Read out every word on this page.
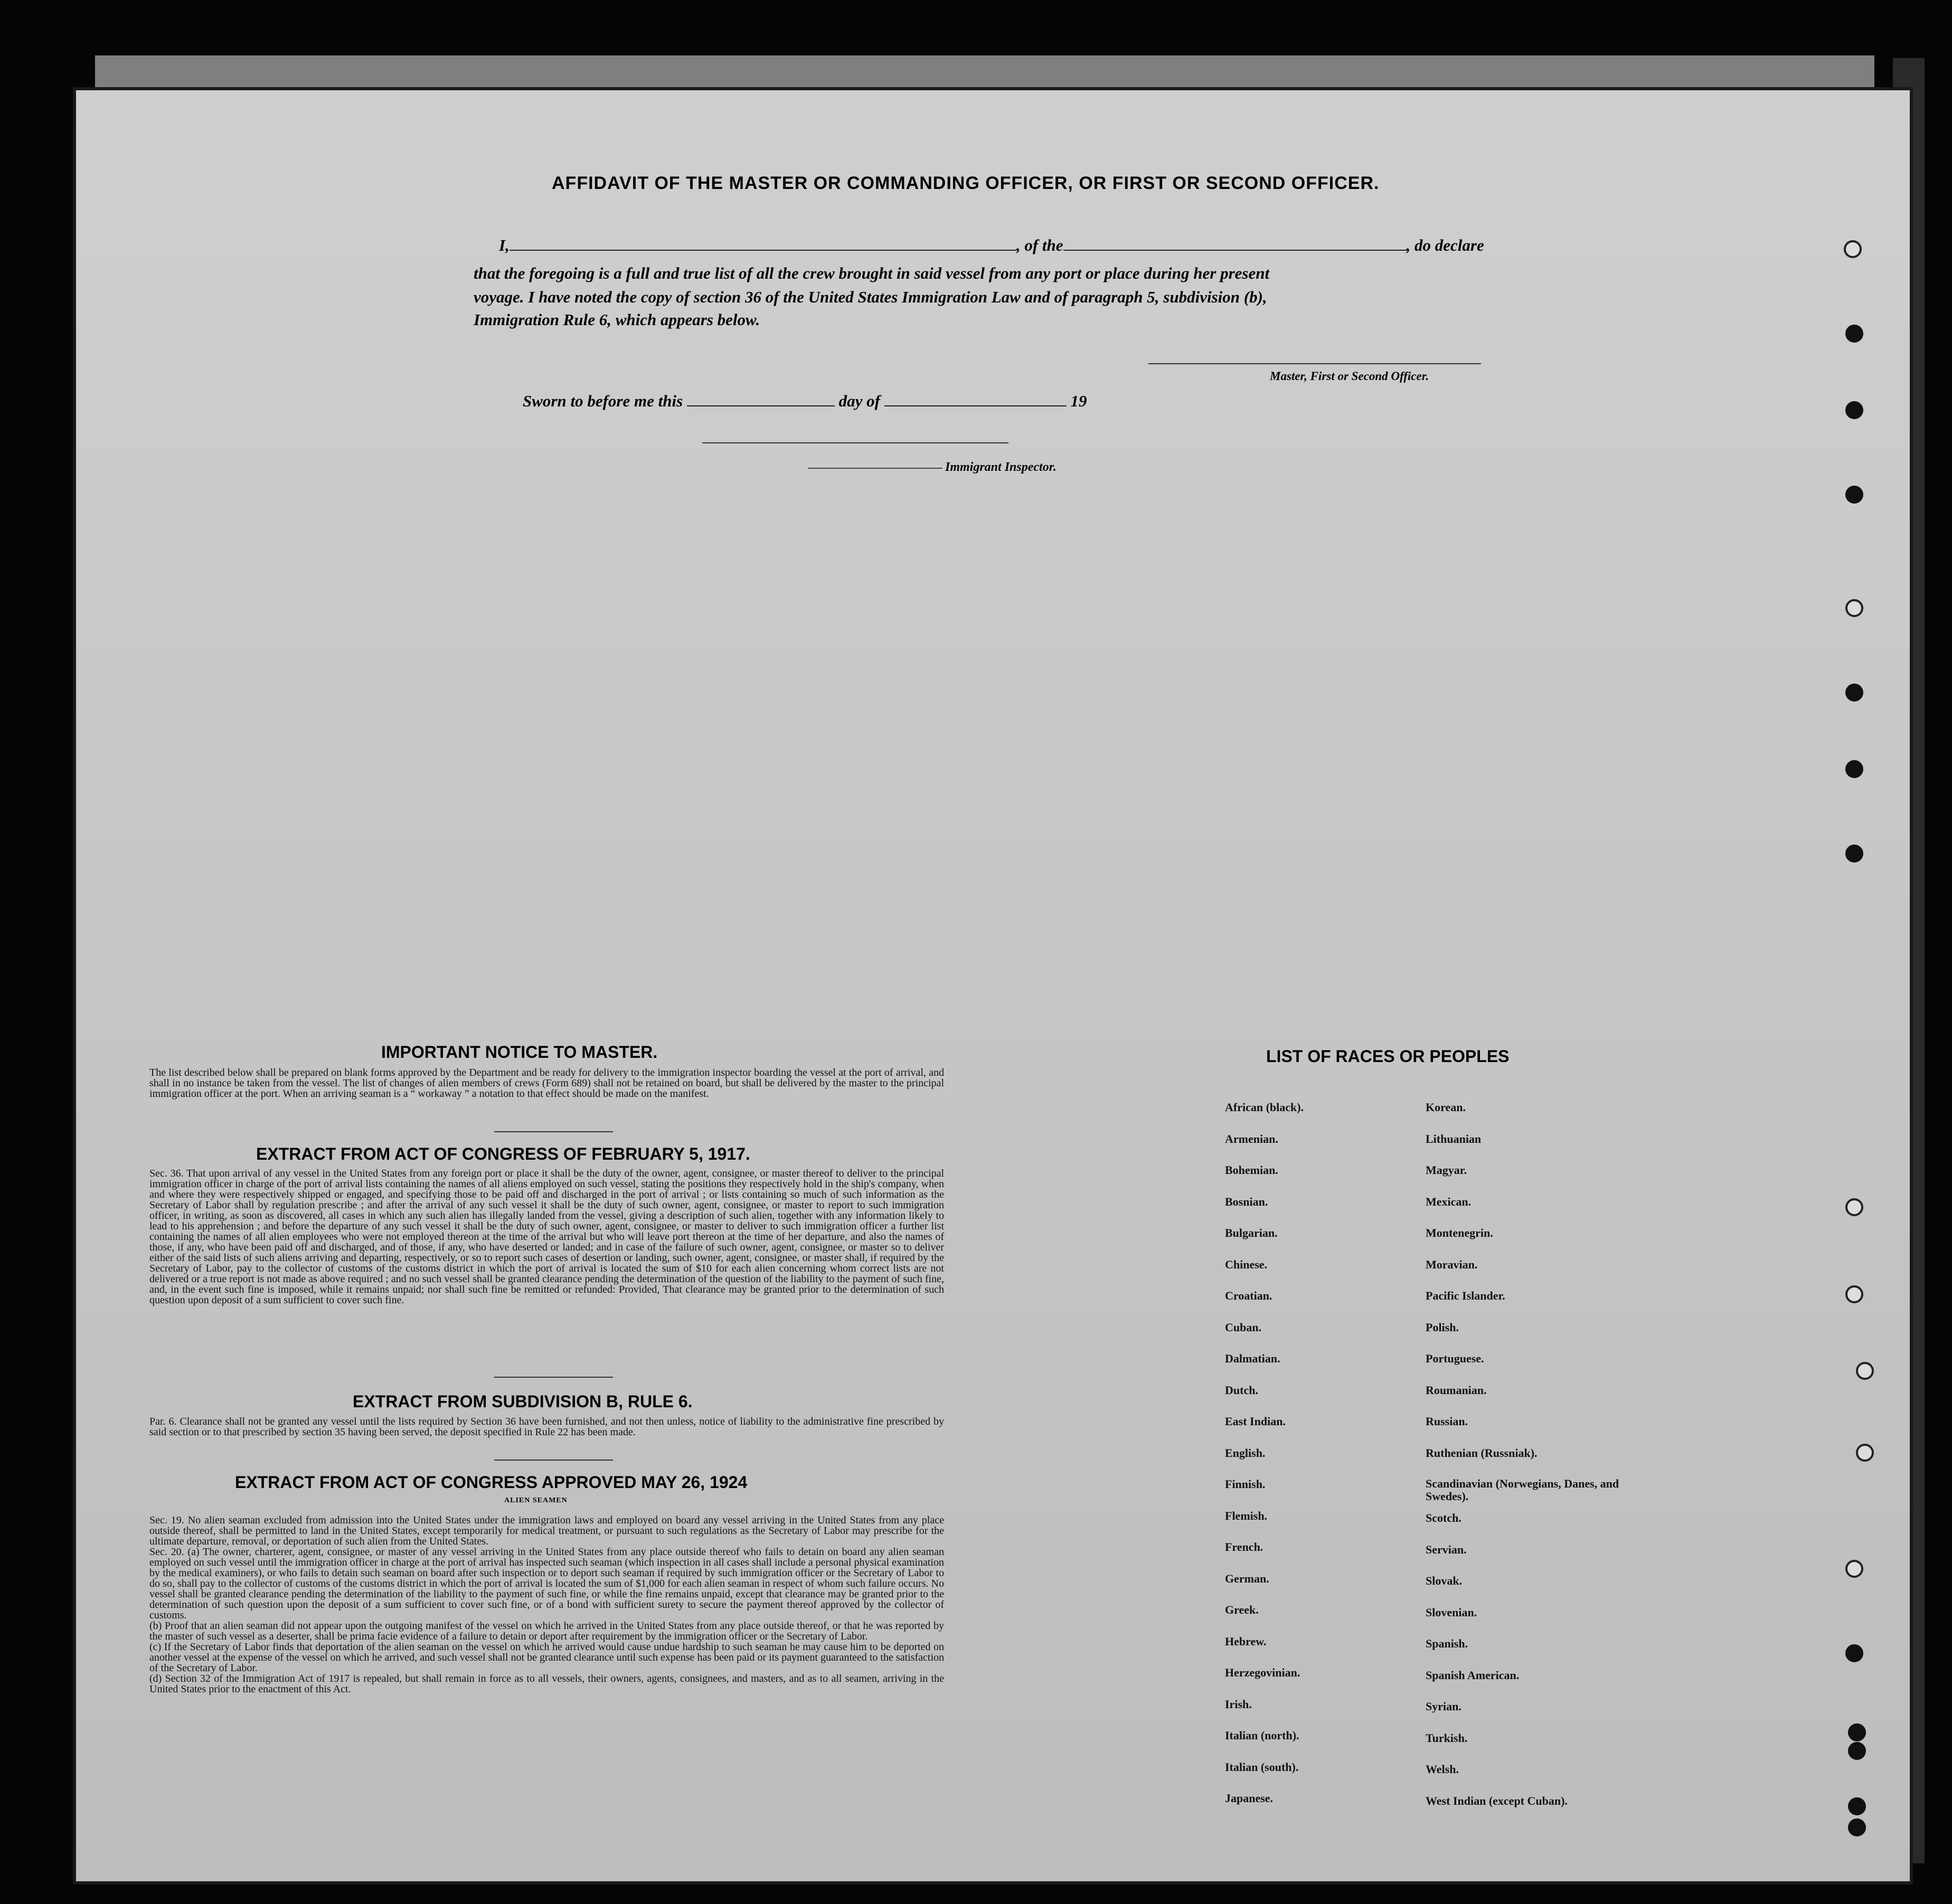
AFFIDAVIT OF THE MASTER OR COMMANDING OFFICER, OR FIRST OR SECOND OFFICER.
I,	, of the	, do declare
that the foregoing is a full and true list of all the crew brought in said vessel from any port or place during her present
voyage. I have noted the copy of section 36 of the United States Immigration Law and of paragraph 5, subdivision (b),
Immigration Rule 6, which appears below.
Master, First or Second Officer.
Sworn to before me this	day of	19
Immigrant Inspector.
IMPORTANT NOTICE TO MASTER.

The list described below shall be prepared on blank forms approved by the Department and be ready for delivery to the immigration inspector boarding the vessel at the port of arrival, and shall in no instance be taken from the vessel. The list of changes of alien members of crews (Form 689) shall not be retained on board, but shall be delivered by the master to the principal immigration officer at the port. When an arriving seaman is a “ workaway ” a notation to that effect should be made on the manifest.

EXTRACT FROM ACT OF CONGRESS OF FEBRUARY 5, 1917.

Sec. 36. That upon arrival of any vessel in the United States from any foreign port or place it shall be the duty of the owner, agent, consignee, or master thereof to deliver to the principal immigration officer in charge of the port of arrival lists containing the names of all aliens employed on such vessel, stating the positions they respectively hold in the ship's company, when and where they were respectively shipped or engaged, and specifying those to be paid off and discharged in the port of arrival ; or lists containing so much of such information as the Secretary of Labor shall by regulation prescribe ; and after the arrival of any such vessel it shall be the duty of such owner, agent, consignee, or master to report to such immigration officer, in writing, as soon as discovered, all cases in which any such alien has illegally landed from the vessel, giving a description of such alien, together with any information likely to lead to his apprehension ; and before the departure of any such vessel it shall be the duty of such owner, agent, consignee, or master to deliver to such immigration officer a further list containing the names of all alien employees who were not employed thereon at the time of the arrival but who will leave port thereon at the time of her departure, and also the names of those, if any, who have been paid off and discharged, and of those, if any, who have deserted or landed; and in case of the failure of such owner, agent, consignee, or master so to deliver either of the said lists of such aliens arriving and departing, respectively, or so to report such cases of desertion or landing, such owner, agent, consignee, or master shall, if required by the Secretary of Labor, pay to the collector of customs of the customs district in which the port of arrival is located the sum of $10 for each alien concerning whom correct lists are not delivered or a true report is not made as above required ; and no such vessel shall be granted clearance pending the determination of the question of the liability to the payment of such fine, and, in the event such fine is imposed, while it remains unpaid; nor shall such fine be remitted or refunded: Provided, That clearance may be granted prior to the determination of such question upon deposit of a sum sufficient to cover such fine.

EXTRACT FROM SUBDIVISION B, RULE 6.

Par. 6. Clearance shall not be granted any vessel until the lists required by Section 36 have been furnished, and not then unless, notice of liability to the administrative fine prescribed by said section or to that prescribed by section 35 having been served, the deposit specified in Rule 22 has been made.

EXTRACT FROM ACT OF CONGRESS APPROVED MAY 26, 1924
ALIEN SEAMEN

Sec. 19. No alien seaman excluded from admission into the United States under the immigration laws and employed on board any vessel arriving in the United States from any place outside thereof, shall be permitted to land in the United States, except temporarily for medical treatment, or pursuant to such regulations as the Secretary of Labor may prescribe for the ultimate departure, removal, or deportation of such alien from the United States.

Sec. 20. (a) The owner, charterer, agent, consignee, or master of any vessel arriving in the United States from any place outside thereof who fails to detain on board any alien seaman employed on such vessel until the immigration officer in charge at the port of arrival has inspected such seaman (which inspection in all cases shall include a personal physical examination by the medical examiners), or who fails to detain such seaman on board after such inspection or to deport such seaman if required by such immigration officer or the Secretary of Labor to do so, shall pay to the collector of customs of the customs district in which the port of arrival is located the sum of $1,000 for each alien seaman in respect of whom such failure occurs. No vessel shall be granted clearance pending the determination of the liability to the payment of such fine, or while the fine remains unpaid, except that clearance may be granted prior to the determination of such question upon the deposit of a sum sufficient to cover such fine, or of a bond with sufficient surety to secure the payment thereof approved by the collector of customs.

(b) Proof that an alien seaman did not appear upon the outgoing manifest of the vessel on which he arrived in the United States from any place outside thereof, or that he was reported by the master of such vessel as a deserter, shall be prima facie evidence of a failure to detain or deport after requirement by the immigration officer or the Secretary of Labor.

(c) If the Secretary of Labor finds that deportation of the alien seaman on the vessel on which he arrived would cause undue hardship to such seaman he may cause him to be deported on another vessel at the expense of the vessel on which he arrived, and such vessel shall not be granted clearance until such expense has been paid or its payment guaranteed to the satisfaction of the Secretary of Labor.

(d) Section 32 of the Immigration Act of 1917 is repealed, but shall remain in force as to all vessels, their owners, agents, consignees, and masters, and as to all seamen, arriving in the United States prior to the enactment of this Act.

LIST OF RACES OR PEOPLES
African (black).
Armenian.
Bohemian.
Bosnian.
Bulgarian.
Chinese.
Croatian.
Cuban.
Dalmatian.
Dutch.
East Indian.
English.
Finnish.
Flemish.
French.
German.
Greek.
Hebrew.
Herzegovinian.
Irish.
Italian (north).
Italian (south).
Japanese.
Korean.
Lithuanian
Magyar.
Mexican.
Montenegrin.
Moravian.
Pacific Islander.
Polish.
Portuguese.
Roumanian.
Russian.
Ruthenian (Russniak).
Scandinavian (Norwegians, Danes, and Swedes).
Scotch.
Servian.
Slovak.
Slovenian.
Spanish.
Spanish American.
Syrian.
Turkish.
Welsh.
West Indian (except Cuban).
